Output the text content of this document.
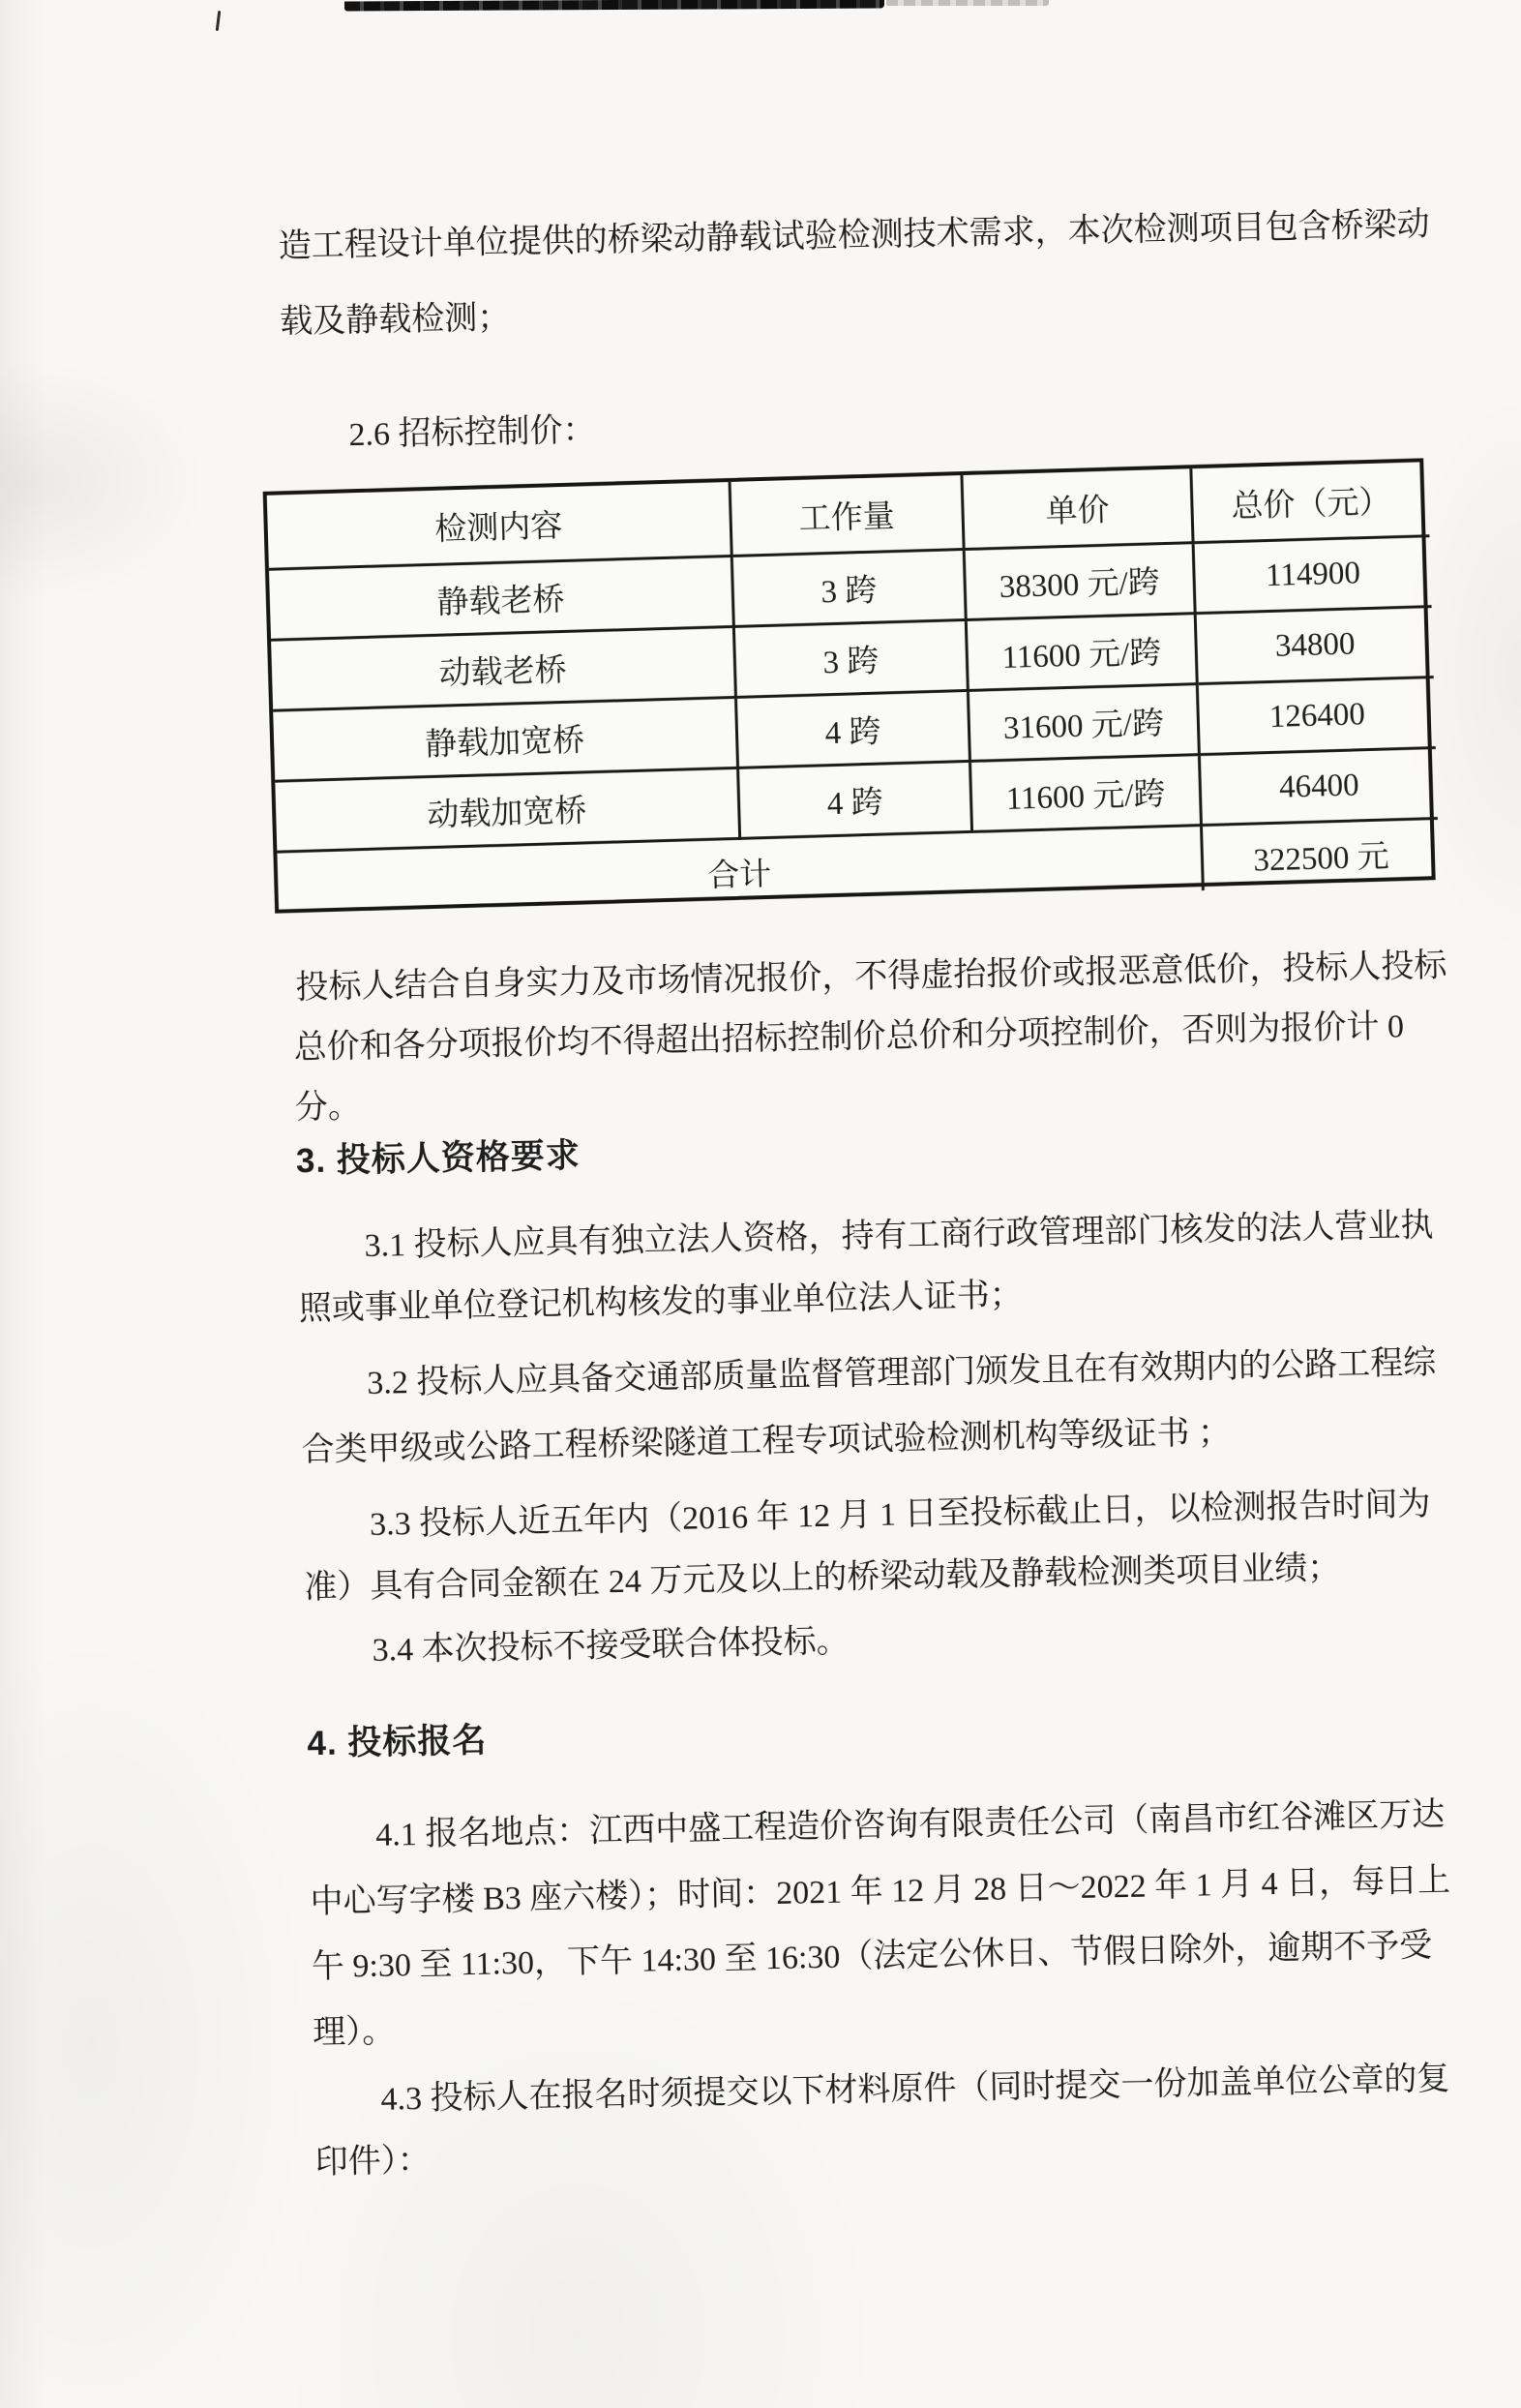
造工程设计单位提供的桥梁动静载试验检测技术需求，本次检测项目包含桥梁动
载及静载检测；
2.6 招标控制价：
检测内容	工作量	单价	总价（元）
静载老桥	3 跨	38300 元/跨	114900
动载老桥	3 跨	11600 元/跨	34800
静载加宽桥	4 跨	31600 元/跨	126400
动载加宽桥	4 跨	11600 元/跨	46400
合计	322500 元
投标人结合自身实力及市场情况报价，不得虚抬报价或报恶意低价，投标人投标
总价和各分项报价均不得超出招标控制价总价和分项控制价，否则为报价计 0
分。
3. 投标人资格要求
3.1 投标人应具有独立法人资格，持有工商行政管理部门核发的法人营业执
照或事业单位登记机构核发的事业单位法人证书；
3.2 投标人应具备交通部质量监督管理部门颁发且在有效期内的公路工程综
合类甲级或公路工程桥梁隧道工程专项试验检测机构等级证书 ；
3.3 投标人近五年内（2016 年 12 月 1 日至投标截止日，以检测报告时间为
准）具有合同金额在 24 万元及以上的桥梁动载及静载检测类项目业绩；
3.4 本次投标不接受联合体投标。
4. 投标报名
4.1 报名地点：江西中盛工程造价咨询有限责任公司（南昌市红谷滩区万达
中心写字楼 B3 座六楼）；时间：2021 年 12 月 28 日～2022 年 1 月 4 日，每日上
午 9:30 至 11:30，下午 14:30 至 16:30（法定公休日、节假日除外，逾期不予受
理）。
4.3 投标人在报名时须提交以下材料原件（同时提交一份加盖单位公章的复
印件）：
